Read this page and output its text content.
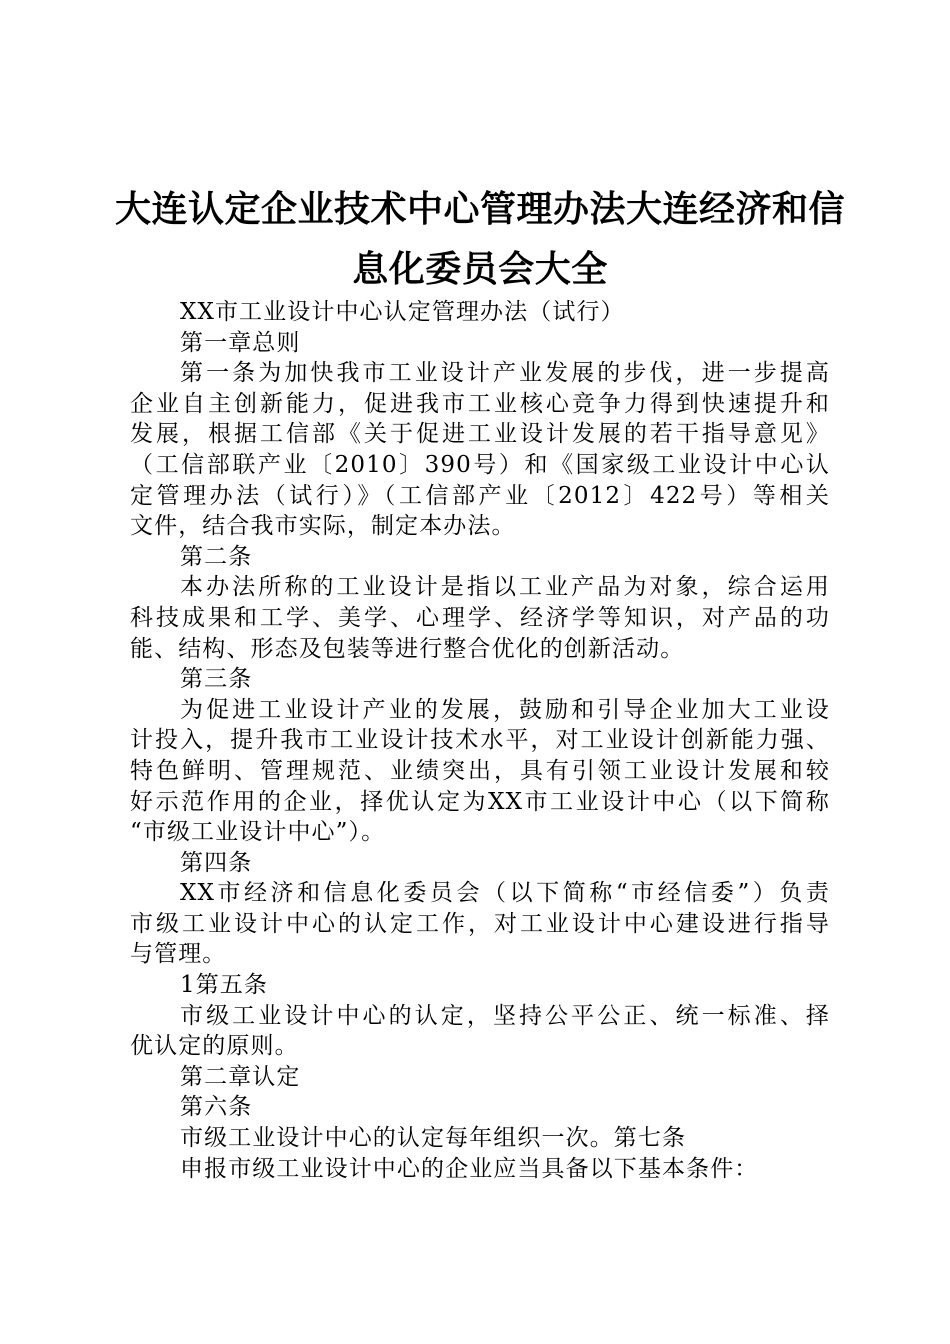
大连认定企业技术中心管理办法大连经济和信
息化委员会大全
XX市工业设计中心认定管理办法（试行）
第一章总则
第一条为加快我市工业设计产业发展的步伐，进一步提高
企业自主创新能力，促进我市工业核心竞争力得到快速提升和
发展，根据工信部《关于促进工业设计发展的若干指导意见》
（工信部联产业〔2010〕390号）和《国家级工业设计中心认
定管理办法（试行）》（工信部产业〔2012〕422号）等相关
文件，结合我市实际，制定本办法。
第二条
本办法所称的工业设计是指以工业产品为对象，综合运用
科技成果和工学、美学、心理学、经济学等知识，对产品的功
能、结构、形态及包装等进行整合优化的创新活动。
第三条
为促进工业设计产业的发展，鼓励和引导企业加大工业设
计投入，提升我市工业设计技术水平，对工业设计创新能力强、
特色鲜明、管理规范、业绩突出，具有引领工业设计发展和较
好示范作用的企业，择优认定为XX市工业设计中心（以下简称
“市级工业设计中心”）。
第四条
XX市经济和信息化委员会（以下简称“市经信委”）负责
市级工业设计中心的认定工作，对工业设计中心建设进行指导
与管理。
1第五条
市级工业设计中心的认定，坚持公平公正、统一标准、择
优认定的原则。
第二章认定
第六条
市级工业设计中心的认定每年组织一次。第七条
申报市级工业设计中心的企业应当具备以下基本条件：
